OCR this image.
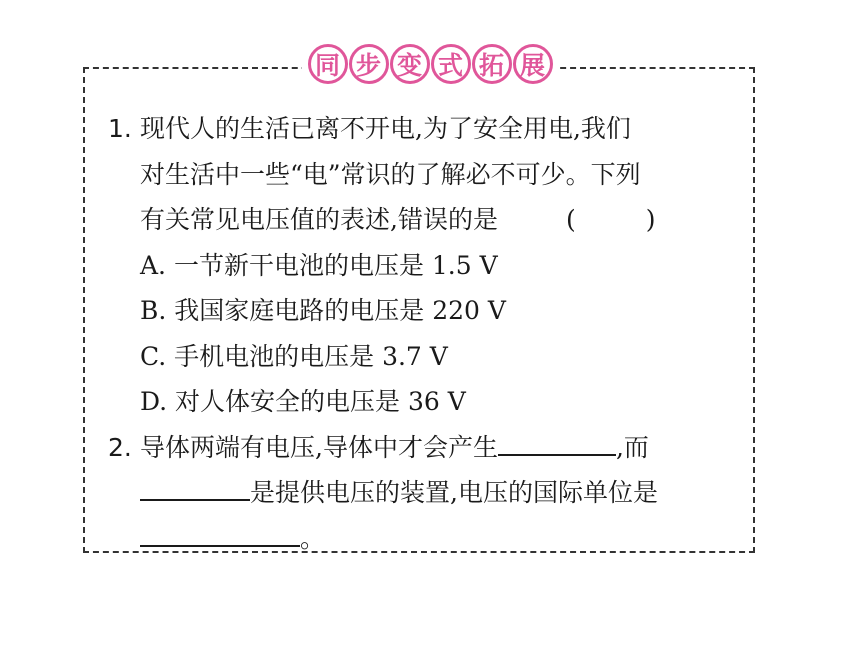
同 步 变 式 拓 展
1. 现代人的生活已离不开电,为了安全用电,我们
对生活中一些“电”常识的了解必不可少。下列
有关常见电压值的表述,错误的是	(	)
A. 一节新干电池的电压是 1.5 V
B. 我国家庭电路的电压是 220 V
C. 手机电池的电压是 3.7 V
D. 对人体安全的电压是 36 V
2. 导体两端有电压,导体中才会产生	,而
是提供电压的装置,电压的国际单位是
。
